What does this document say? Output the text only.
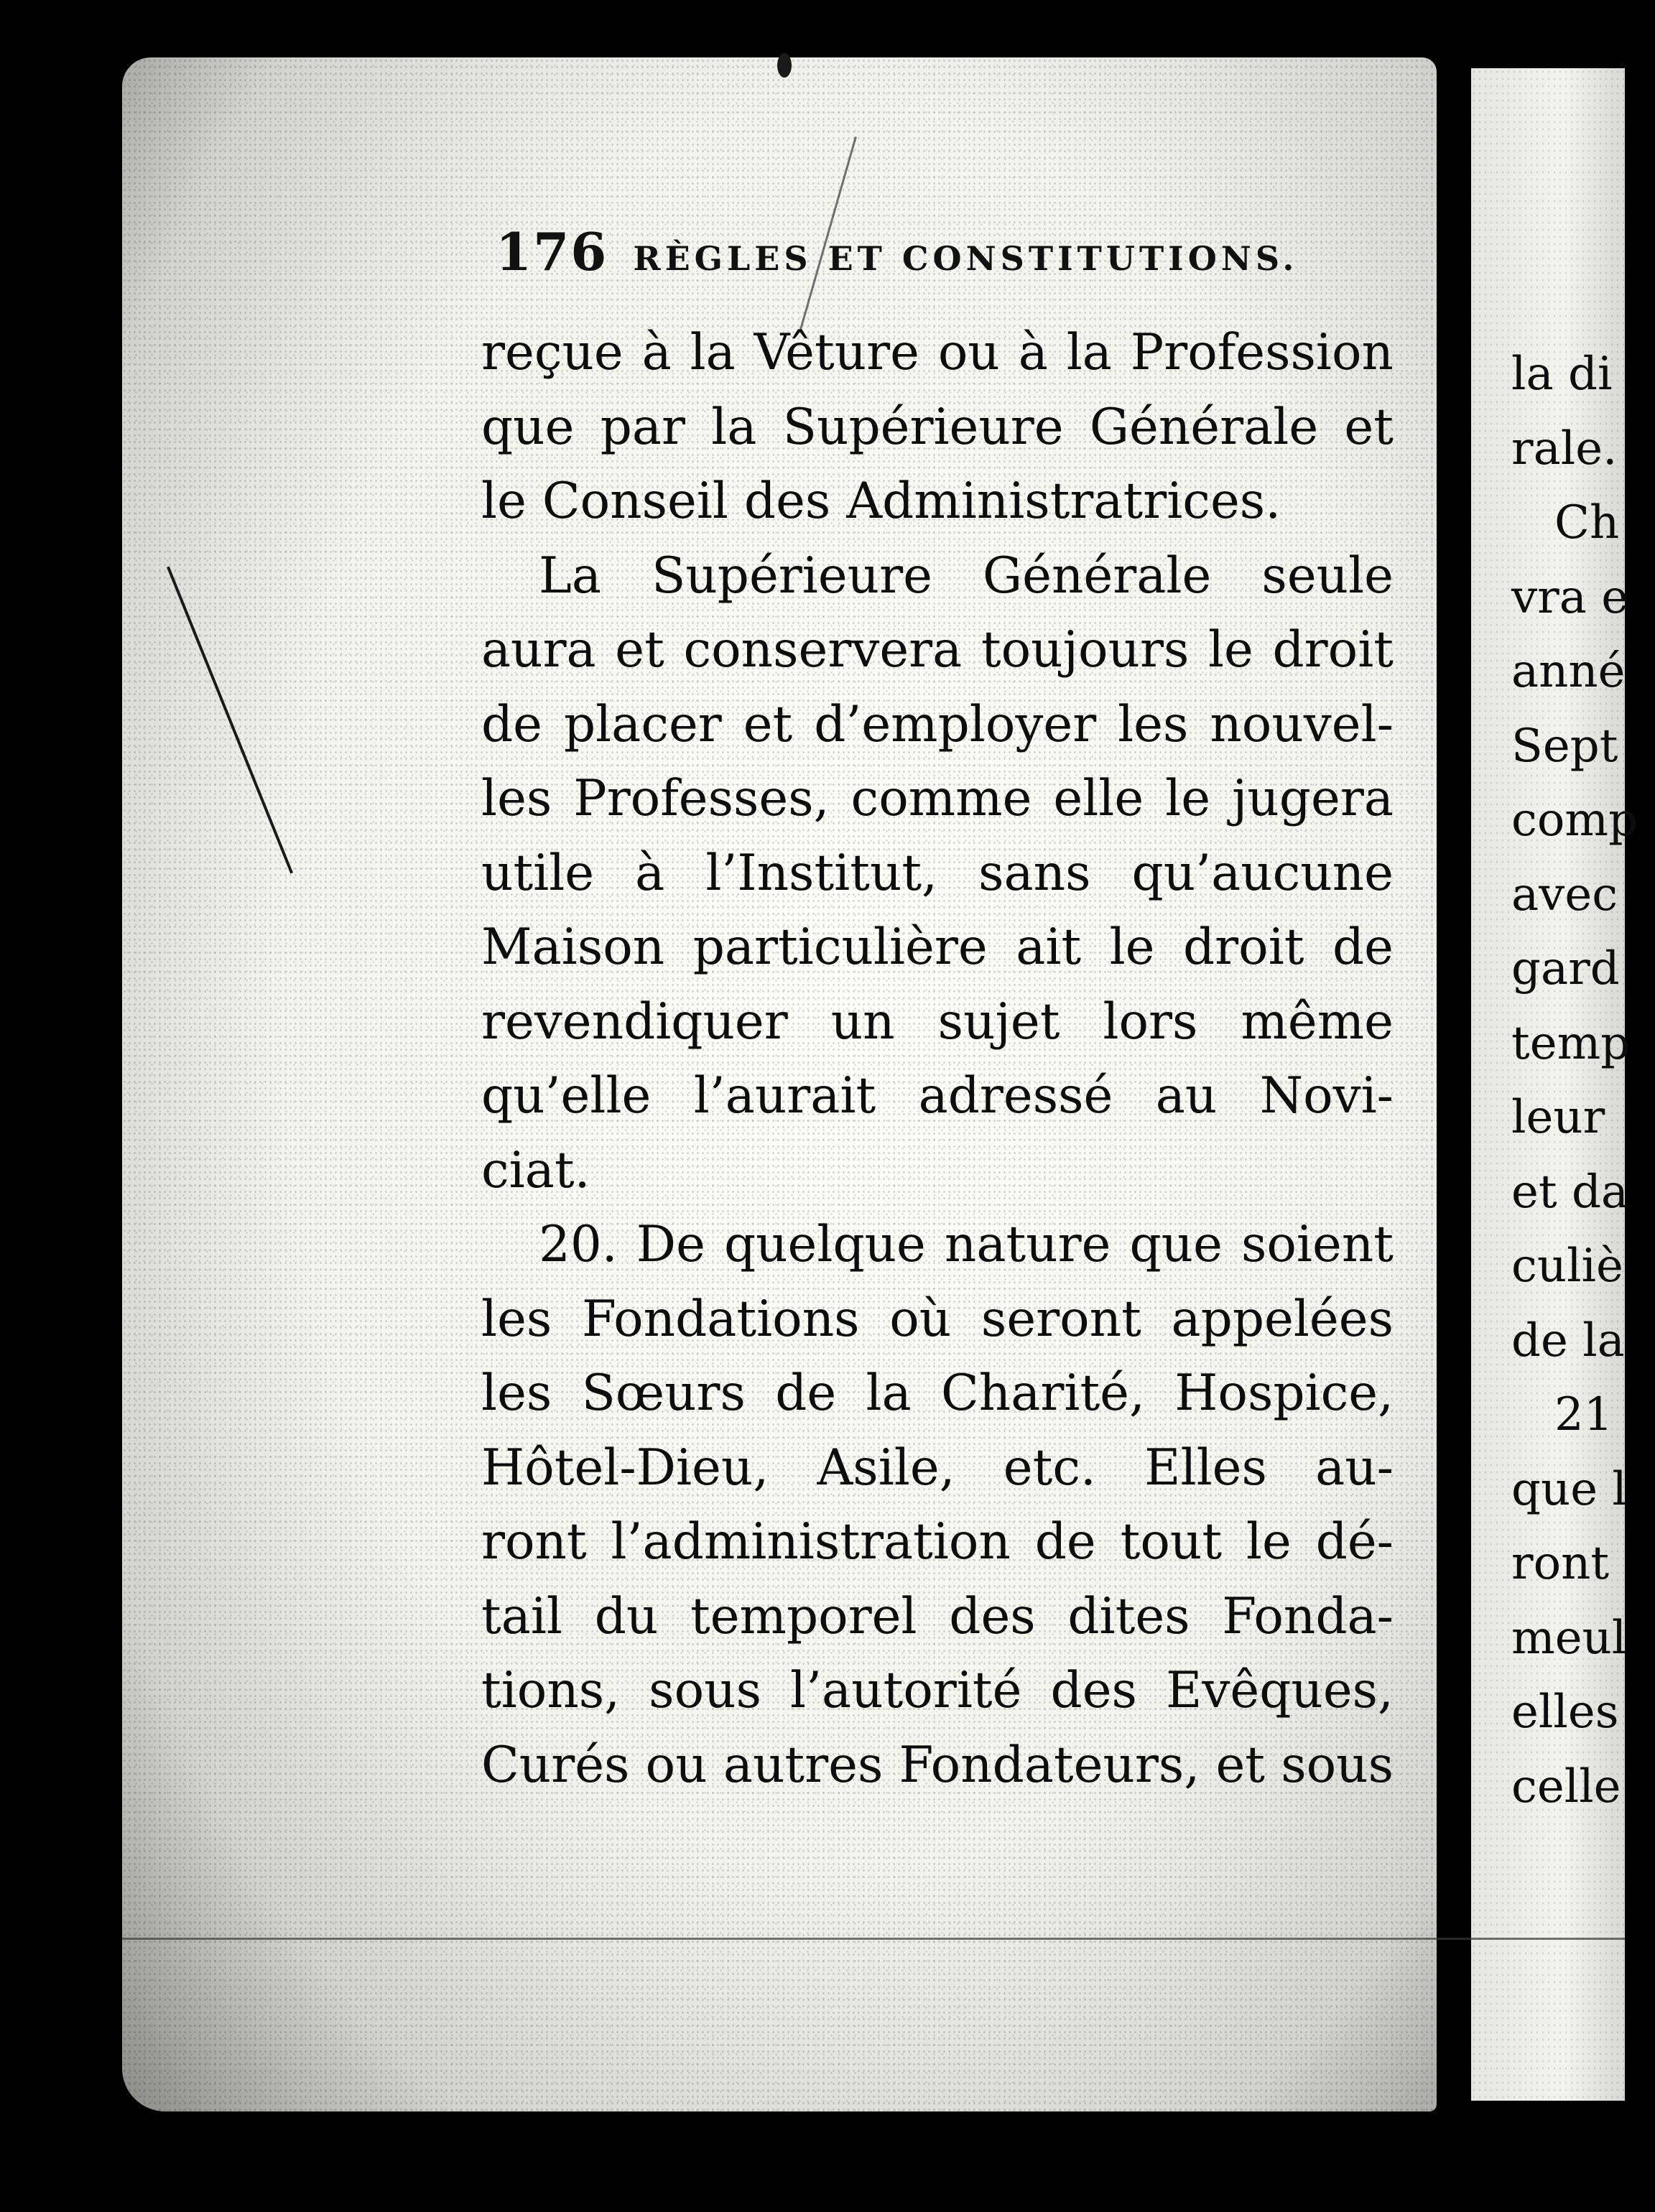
176 RÈGLES ET CONSTITUTIONS.
reçue à la Vêture ou à la Profession
que par la Supérieure Générale et
le Conseil des Administratrices.
La Supérieure Générale seule
aura et conservera toujours le droit
de placer et d’employer les nouvel-
les Professes, comme elle le jugera
utile à l’Institut, sans qu’aucune
Maison particulière ait le droit de
revendiquer un sujet lors même
qu’elle l’aurait adressé au Novi-
ciat.
20. De quelque nature que soient
les Fondations où seront appelées
les Sœurs de la Charité, Hospice,
Hôtel-Dieu, Asile, etc. Elles au-
ront l’administration de tout le dé-
tail du temporel des dites Fonda-
tions, sous l’autorité des Evêques,
Curés ou autres Fondateurs, et sous
la di
rale.
Ch
vra e
anné
Sept
comp
avec
gard
temp
leur
et da
culiè
de la
21
que l
ront
meul
elles
celle
